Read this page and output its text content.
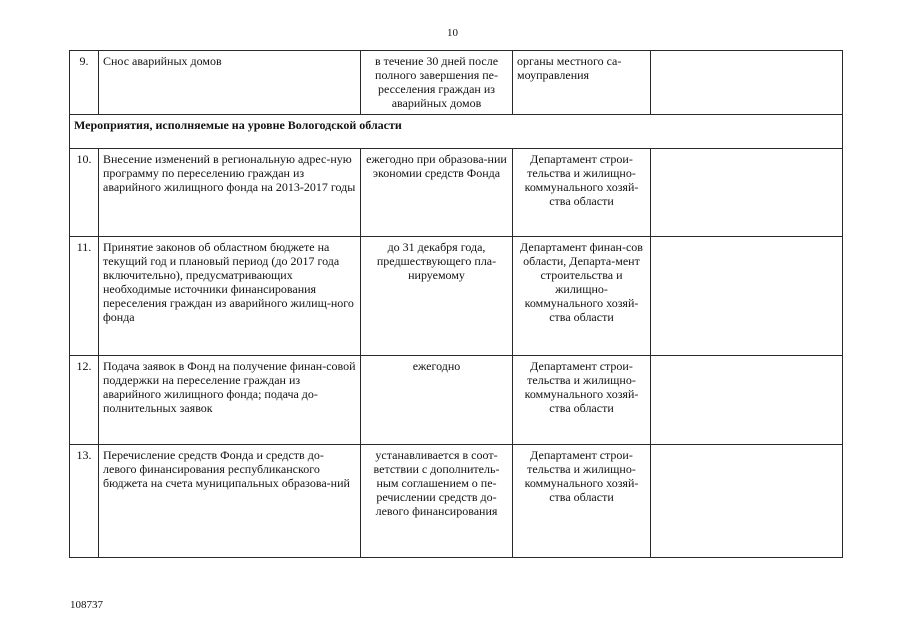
10
9.	Снос аварийных домов	в течение 30 дней после полного завершения пе-ресселения граждан из аварийных домов	органы местного са-моуправления	
Мероприятия, исполняемые на уровне Вологодской области				
10.	Внесение изменений в региональную адрес-ную программу по переселению граждан из аварийного жилищного фонда на 2013-2017 годы	ежегодно при образова-нии экономии средств Фонда	Департамент строи-тельства и жилищно-коммунального хозяй-ства области	
11.	Принятие законов об областном бюджете на текущий год и плановый период (до 2017 года включительно), предусматривающих необходимые источники финансирования переселения граждан из аварийного жилищ-ного фонда	до 31 декабря года, предшествующего пла-нируемому	Департамент финан-сов области, Департа-мент строительства и жилищно-коммунального хозяй-ства области	
12.	Подача заявок в Фонд на получение финан-совой поддержки на переселение граждан из аварийного жилищного фонда; подача до-полнительных заявок	ежегодно	Департамент строи-тельства и жилищно-коммунального хозяй-ства области	
13.	Перечисление средств Фонда и средств до-левого финансирования республиканского бюджета на счета муниципальных образова-ний	устанавливается в соот-ветствии с дополнитель-ным соглашением о пе-речислении средств до-левого финансирования	Департамент строи-тельства и жилищно-коммунального хозяй-ства области	
108737
